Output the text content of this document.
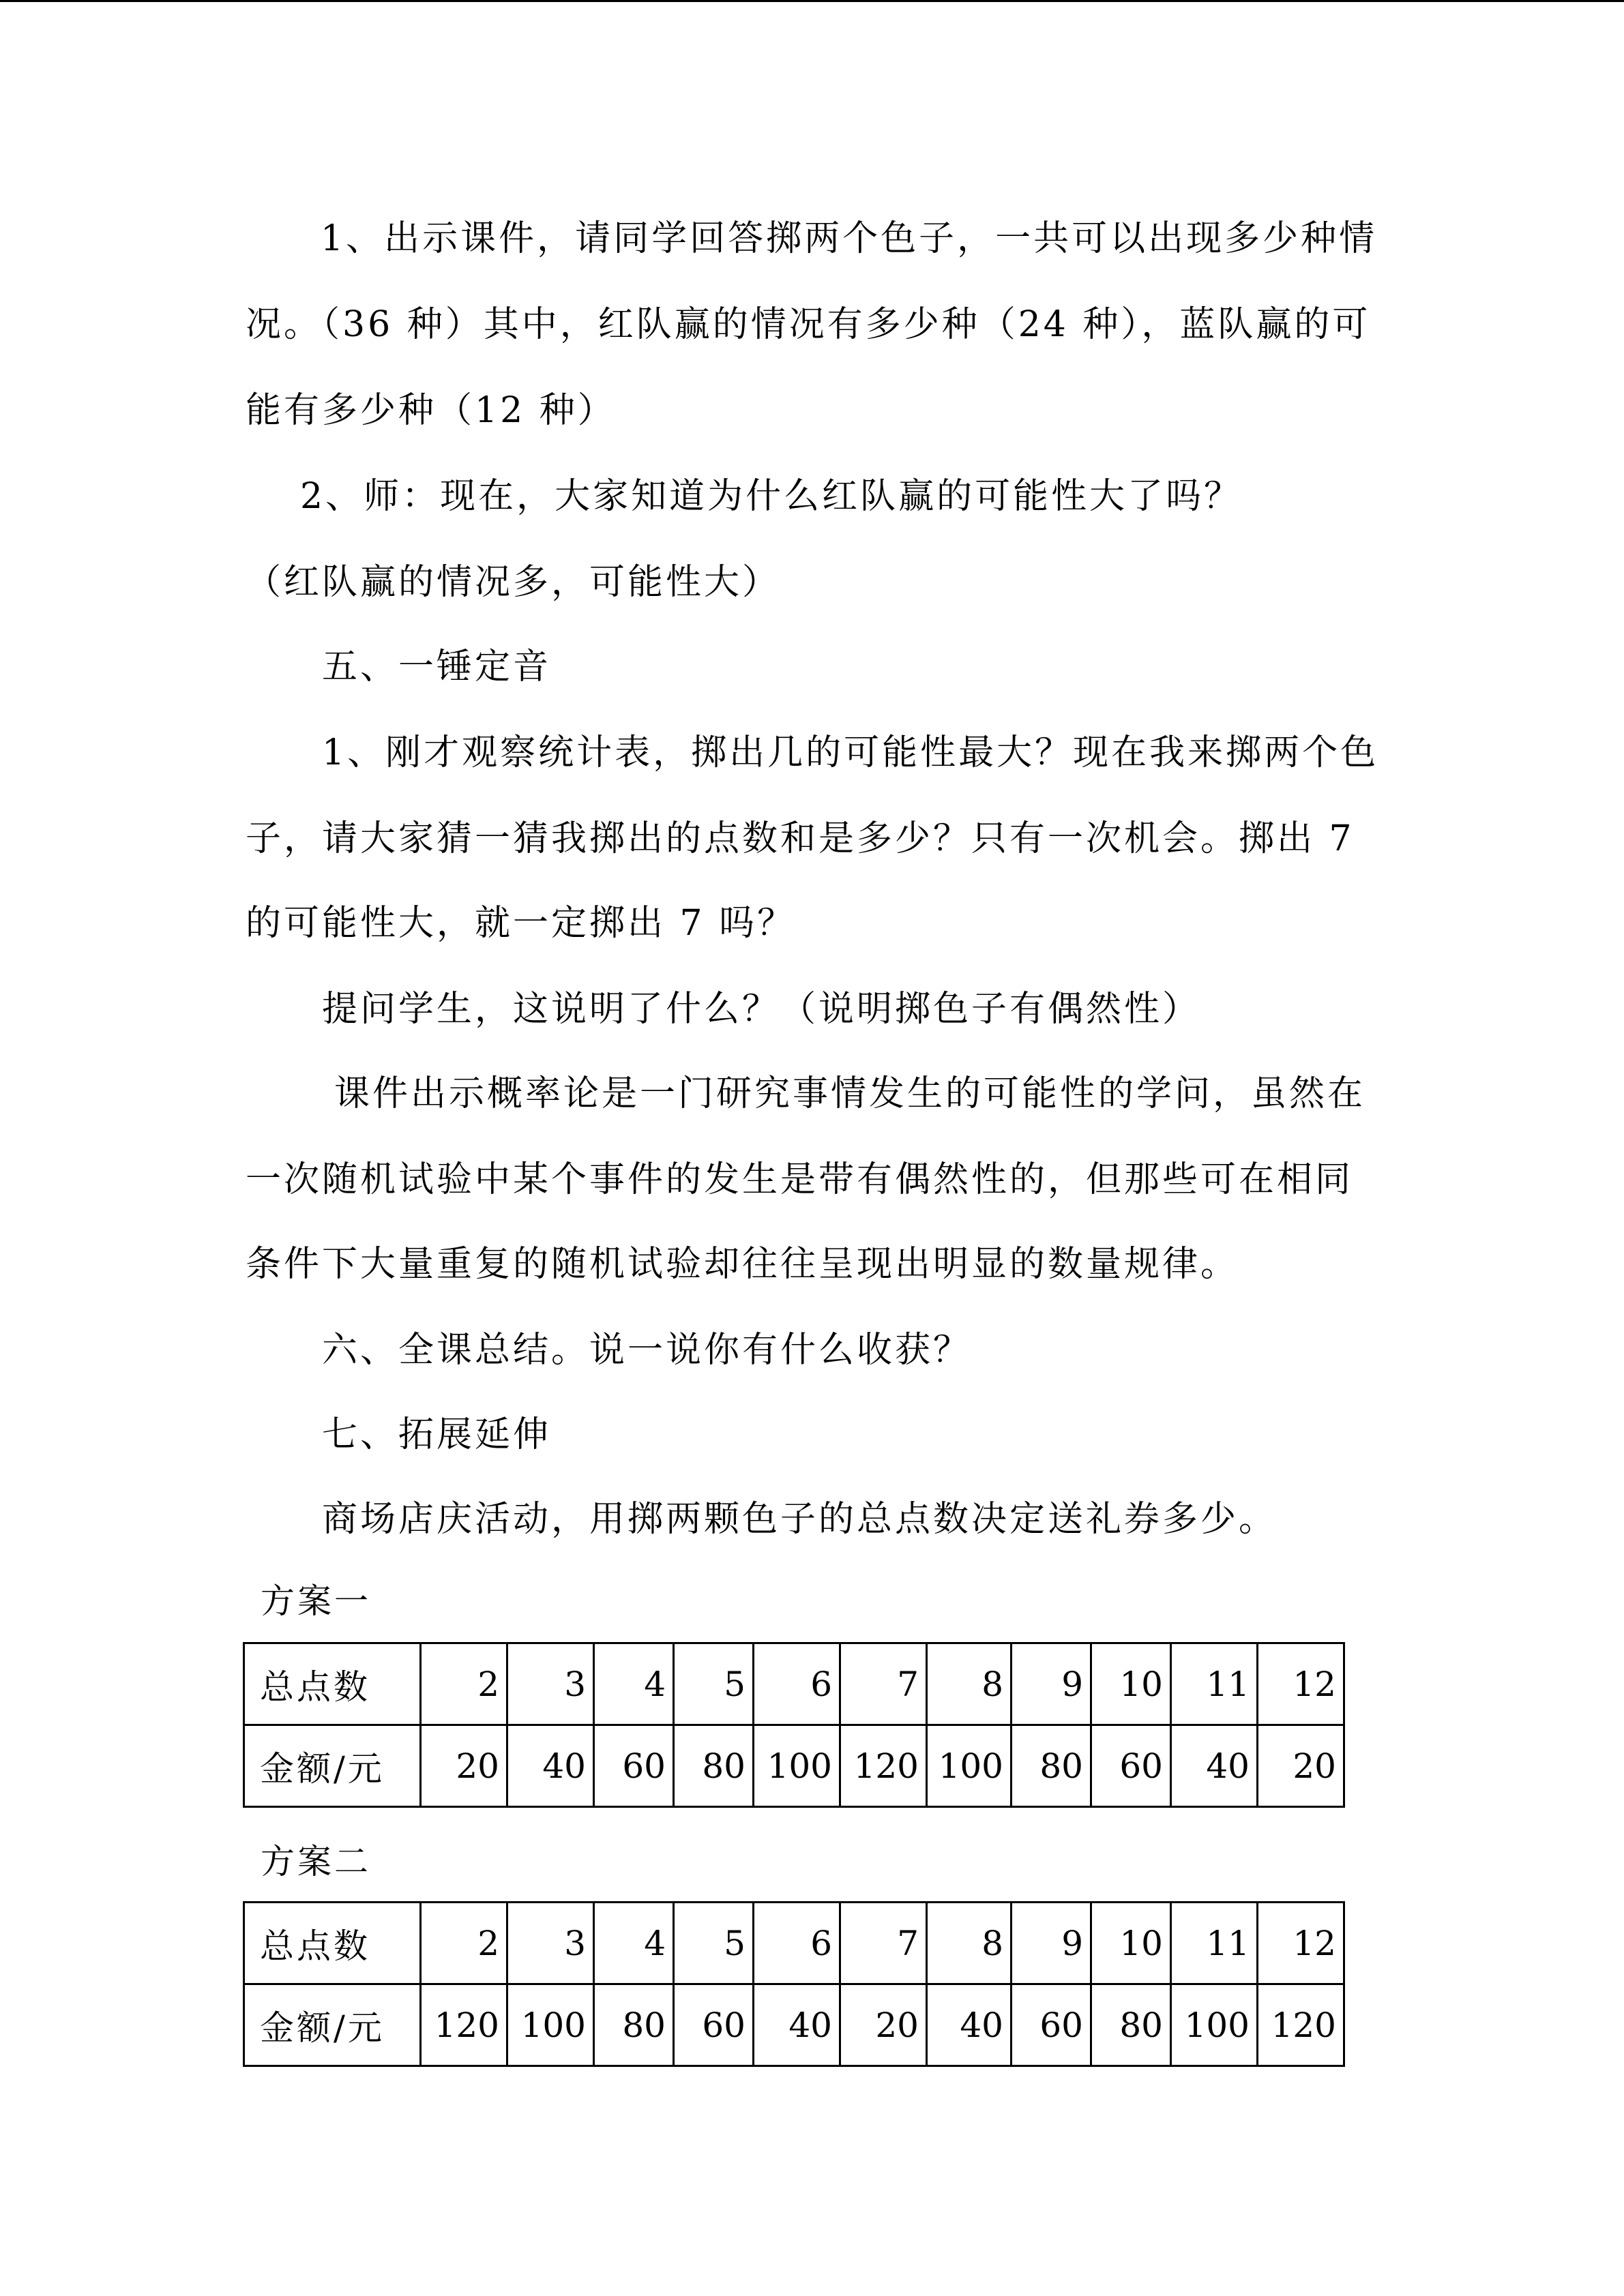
1、出示课件，请同学回答掷两个色子，一共可以出现多少种情
况。（36 种）其中，红队赢的情况有多少种（24 种），蓝队赢的可
能有多少种（12 种）
2、师：现在，大家知道为什么红队赢的可能性大了吗？
（红队赢的情况多，可能性大）
五、一锤定音
1、刚才观察统计表，掷出几的可能性最大？现在我来掷两个色
子，请大家猜一猜我掷出的点数和是多少？只有一次机会。掷出 7
的可能性大，就一定掷出 7 吗？
提问学生，这说明了什么？（说明掷色子有偶然性）
课件出示概率论是一门研究事情发生的可能性的学问，虽然在
一次随机试验中某个事件的发生是带有偶然性的，但那些可在相同
条件下大量重复的随机试验却往往呈现出明显的数量规律。
六、全课总结。说一说你有什么收获？
七、拓展延伸
商场店庆活动，用掷两颗色子的总点数决定送礼券多少。
方案一
总点数	2	3	4	5	6	7	8	9	10	11	12
金额/元	20	40	60	80	100	120	100	80	60	40	20
方案二
总点数	2	3	4	5	6	7	8	9	10	11	12
金额/元	120	100	80	60	40	20	40	60	80	100	120
